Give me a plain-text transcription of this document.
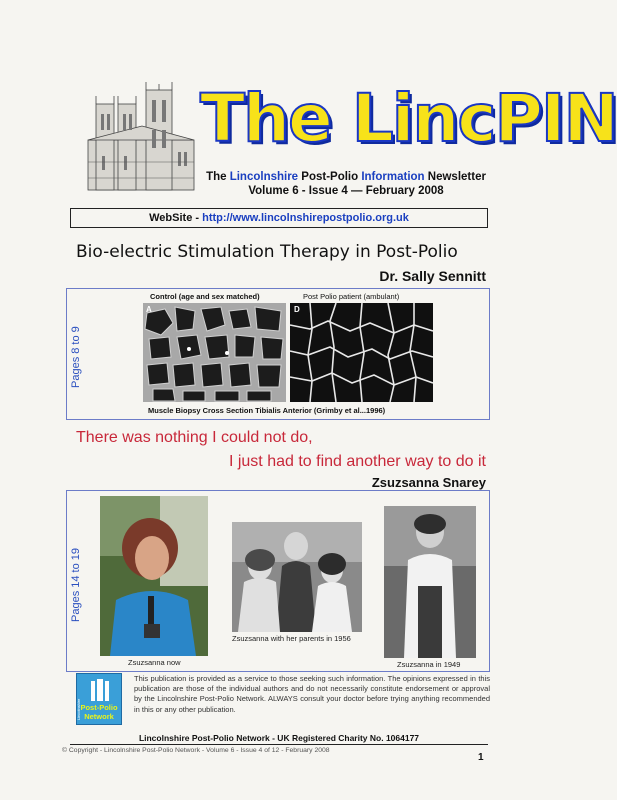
The LincPIN
The Lincolnshire Post-Polio Information Newsletter
Volume 6 - Issue 4 — February 2008
WebSite - http://www.lincolnshirepostpolio.org.uk
Bio-electric Stimulation Therapy in Post-Polio
Dr. Sally Sennitt
Pages 8 to 9
Control (age and sex matched)	Post Polio patient (ambulant)
A	D
Muscle Biopsy Cross Section Tibialis Anterior (Grimby et al...1996)
There was nothing I could not do,
I just had to find another way to do it
Zsuzsanna Snarey
Pages 14 to 19
Zsuzsanna now
Zsuzsanna with her parents in 1956
Zsuzsanna in 1949
Lincolnshire Post-Polio
Network
This publication is provided as a service to those seeking such information. The opinions expressed in this publication are those of the individual authors and do not necessarily constitute endorsement or approval by the Lincolnshire Post-Polio Network. ALWAYS consult your doctor before trying anything recommended in this or any other publication.
Lincolnshire Post-Polio Network - UK Registered Charity No. 1064177
© Copyright - Lincolnshire Post-Polio Network - Volume 6 - Issue 4 of 12 - February 2008
1
